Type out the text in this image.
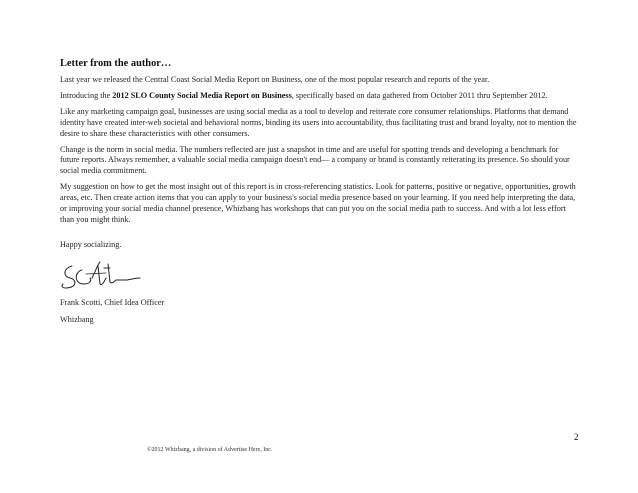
Letter from the author…

Last year we released the Central Coast Social Media Report on Business, one of the most popular research and reports of the year.

Introducing the 2012 SLO County Social Media Report on Business, specifically based on data gathered from October 2011 thru September 2012.

Like any marketing campaign goal, businesses are using social media as a tool to develop and reiterate core consumer relationships. Platforms that demand identity have created inter-web societal and behavioral norms, binding its users into accountability, thus facilitating trust and brand loyalty, not to mention the desire to share these characteristics with other consumers.

Change is the norm in social media. The numbers reflected are just a snapshot in time and are useful for spotting trends and developing a benchmark for future reports. Always remember, a valuable social media campaign doesn't end— a company or brand is constantly reiterating its presence. So should your social media commitment.

My suggestion on how to get the most insight out of this report is in cross-referencing statistics. Look for patterns, positive or negative, opportunities, growth areas, etc. Then create action items that you can apply to your business's social media presence based on your learning. If you need help interpreting the data, or improving your social media channel presence, Whizbang has workshops that can put you on the social media path to success. And with a lot less effort than you might think.

Happy socializing.

Frank Scotti, Chief Idea Officer

Whizbang

2
©2012 Whizbang, a division of Advertise Here, Inc.
